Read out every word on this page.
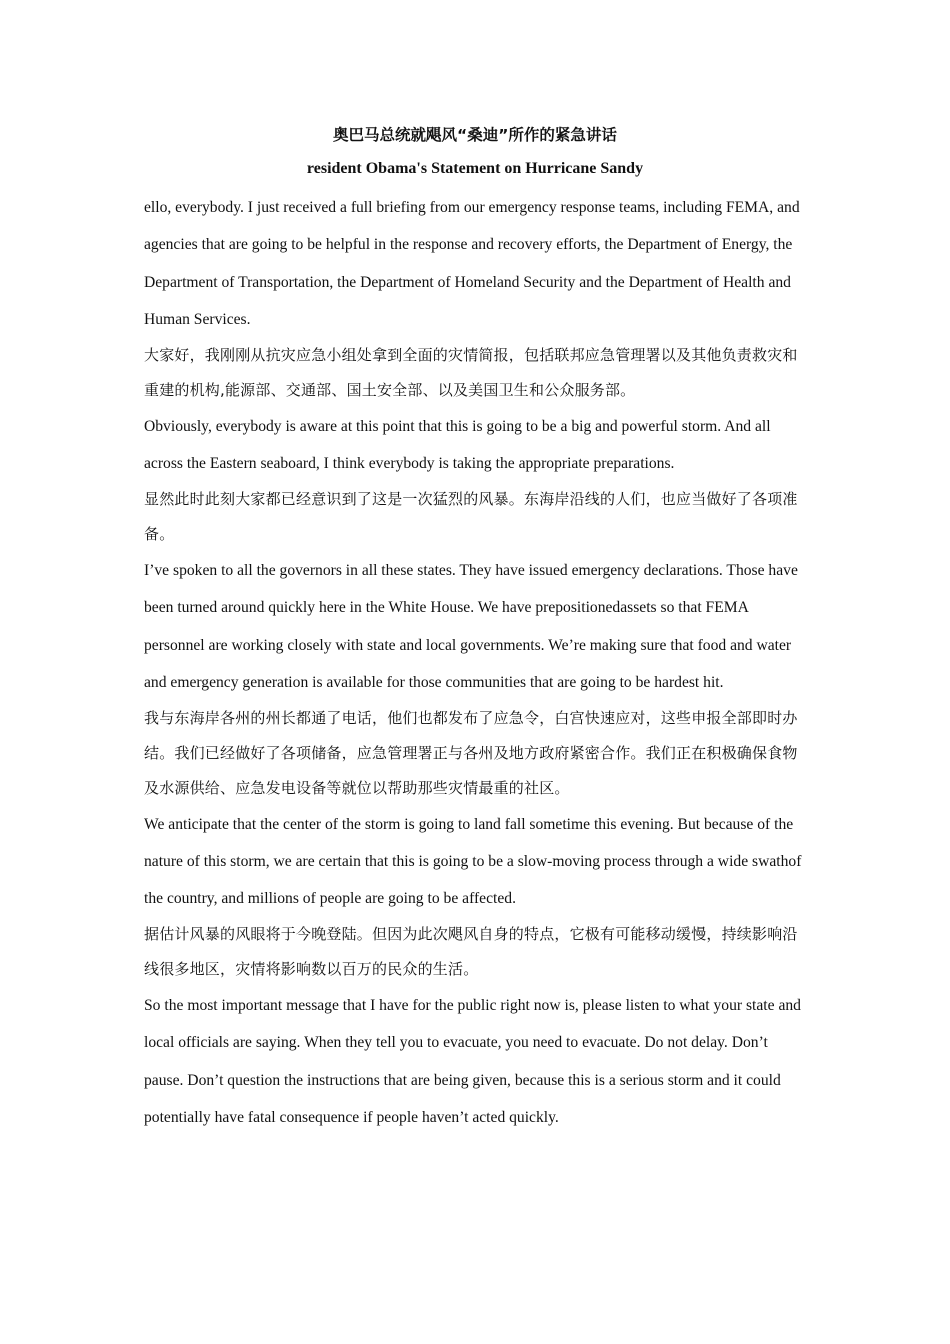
奥巴马总统就飓风“桑迪”所作的紧急讲话
resident Obama's Statement on Hurricane Sandy

ello, everybody. I just received a full briefing from our emergency response teams, including FEMA, and agencies that are going to be helpful in the response and recovery efforts, the Department of Energy, the Department of Transportation, the Department of Homeland Security and the Department of Health and Human Services.

大家好，我刚刚从抗灾应急小组处拿到全面的灾情简报，包括联邦应急管理署以及其他负责救灾和重建的机构,能源部、交通部、国土安全部、以及美国卫生和公众服务部。

Obviously, everybody is aware at this point that this is going to be a big and powerful storm. And all across the Eastern seaboard, I think everybody is taking the appropriate preparations.

显然此时此刻大家都已经意识到了这是一次猛烈的风暴。东海岸沿线的人们，也应当做好了各项准备。

I’ve spoken to all the governors in all these states. They have issued emergency declarations. Those have been turned around quickly here in the White House. We have prepositionedassets so that FEMA personnel are working closely with state and local governments. We’re making sure that food and water and emergency generation is available for those communities that are going to be hardest hit.

我与东海岸各州的州长都通了电话，他们也都发布了应急令，白宫快速应对，这些申报全部即时办结。我们已经做好了各项储备，应急管理署正与各州及地方政府紧密合作。我们正在积极确保食物及水源供给、应急发电设备等就位以帮助那些灾情最重的社区。

We anticipate that the center of the storm is going to land fall sometime this evening. But because of the nature of this storm, we are certain that this is going to be a slow-moving process through a wide swathof the country, and millions of people are going to be affected.

据估计风暴的风眼将于今晚登陆。但因为此次飓风自身的特点，它极有可能移动缓慢，持续影响沿线很多地区，灾情将影响数以百万的民众的生活。

So the most important message that I have for the public right now is, please listen to what your state and local officials are saying. When they tell you to evacuate, you need to evacuate. Do not delay. Don’t pause. Don’t question the instructions that are being given, because this is a serious storm and it could potentially have fatal consequence if people haven’t acted quickly.
